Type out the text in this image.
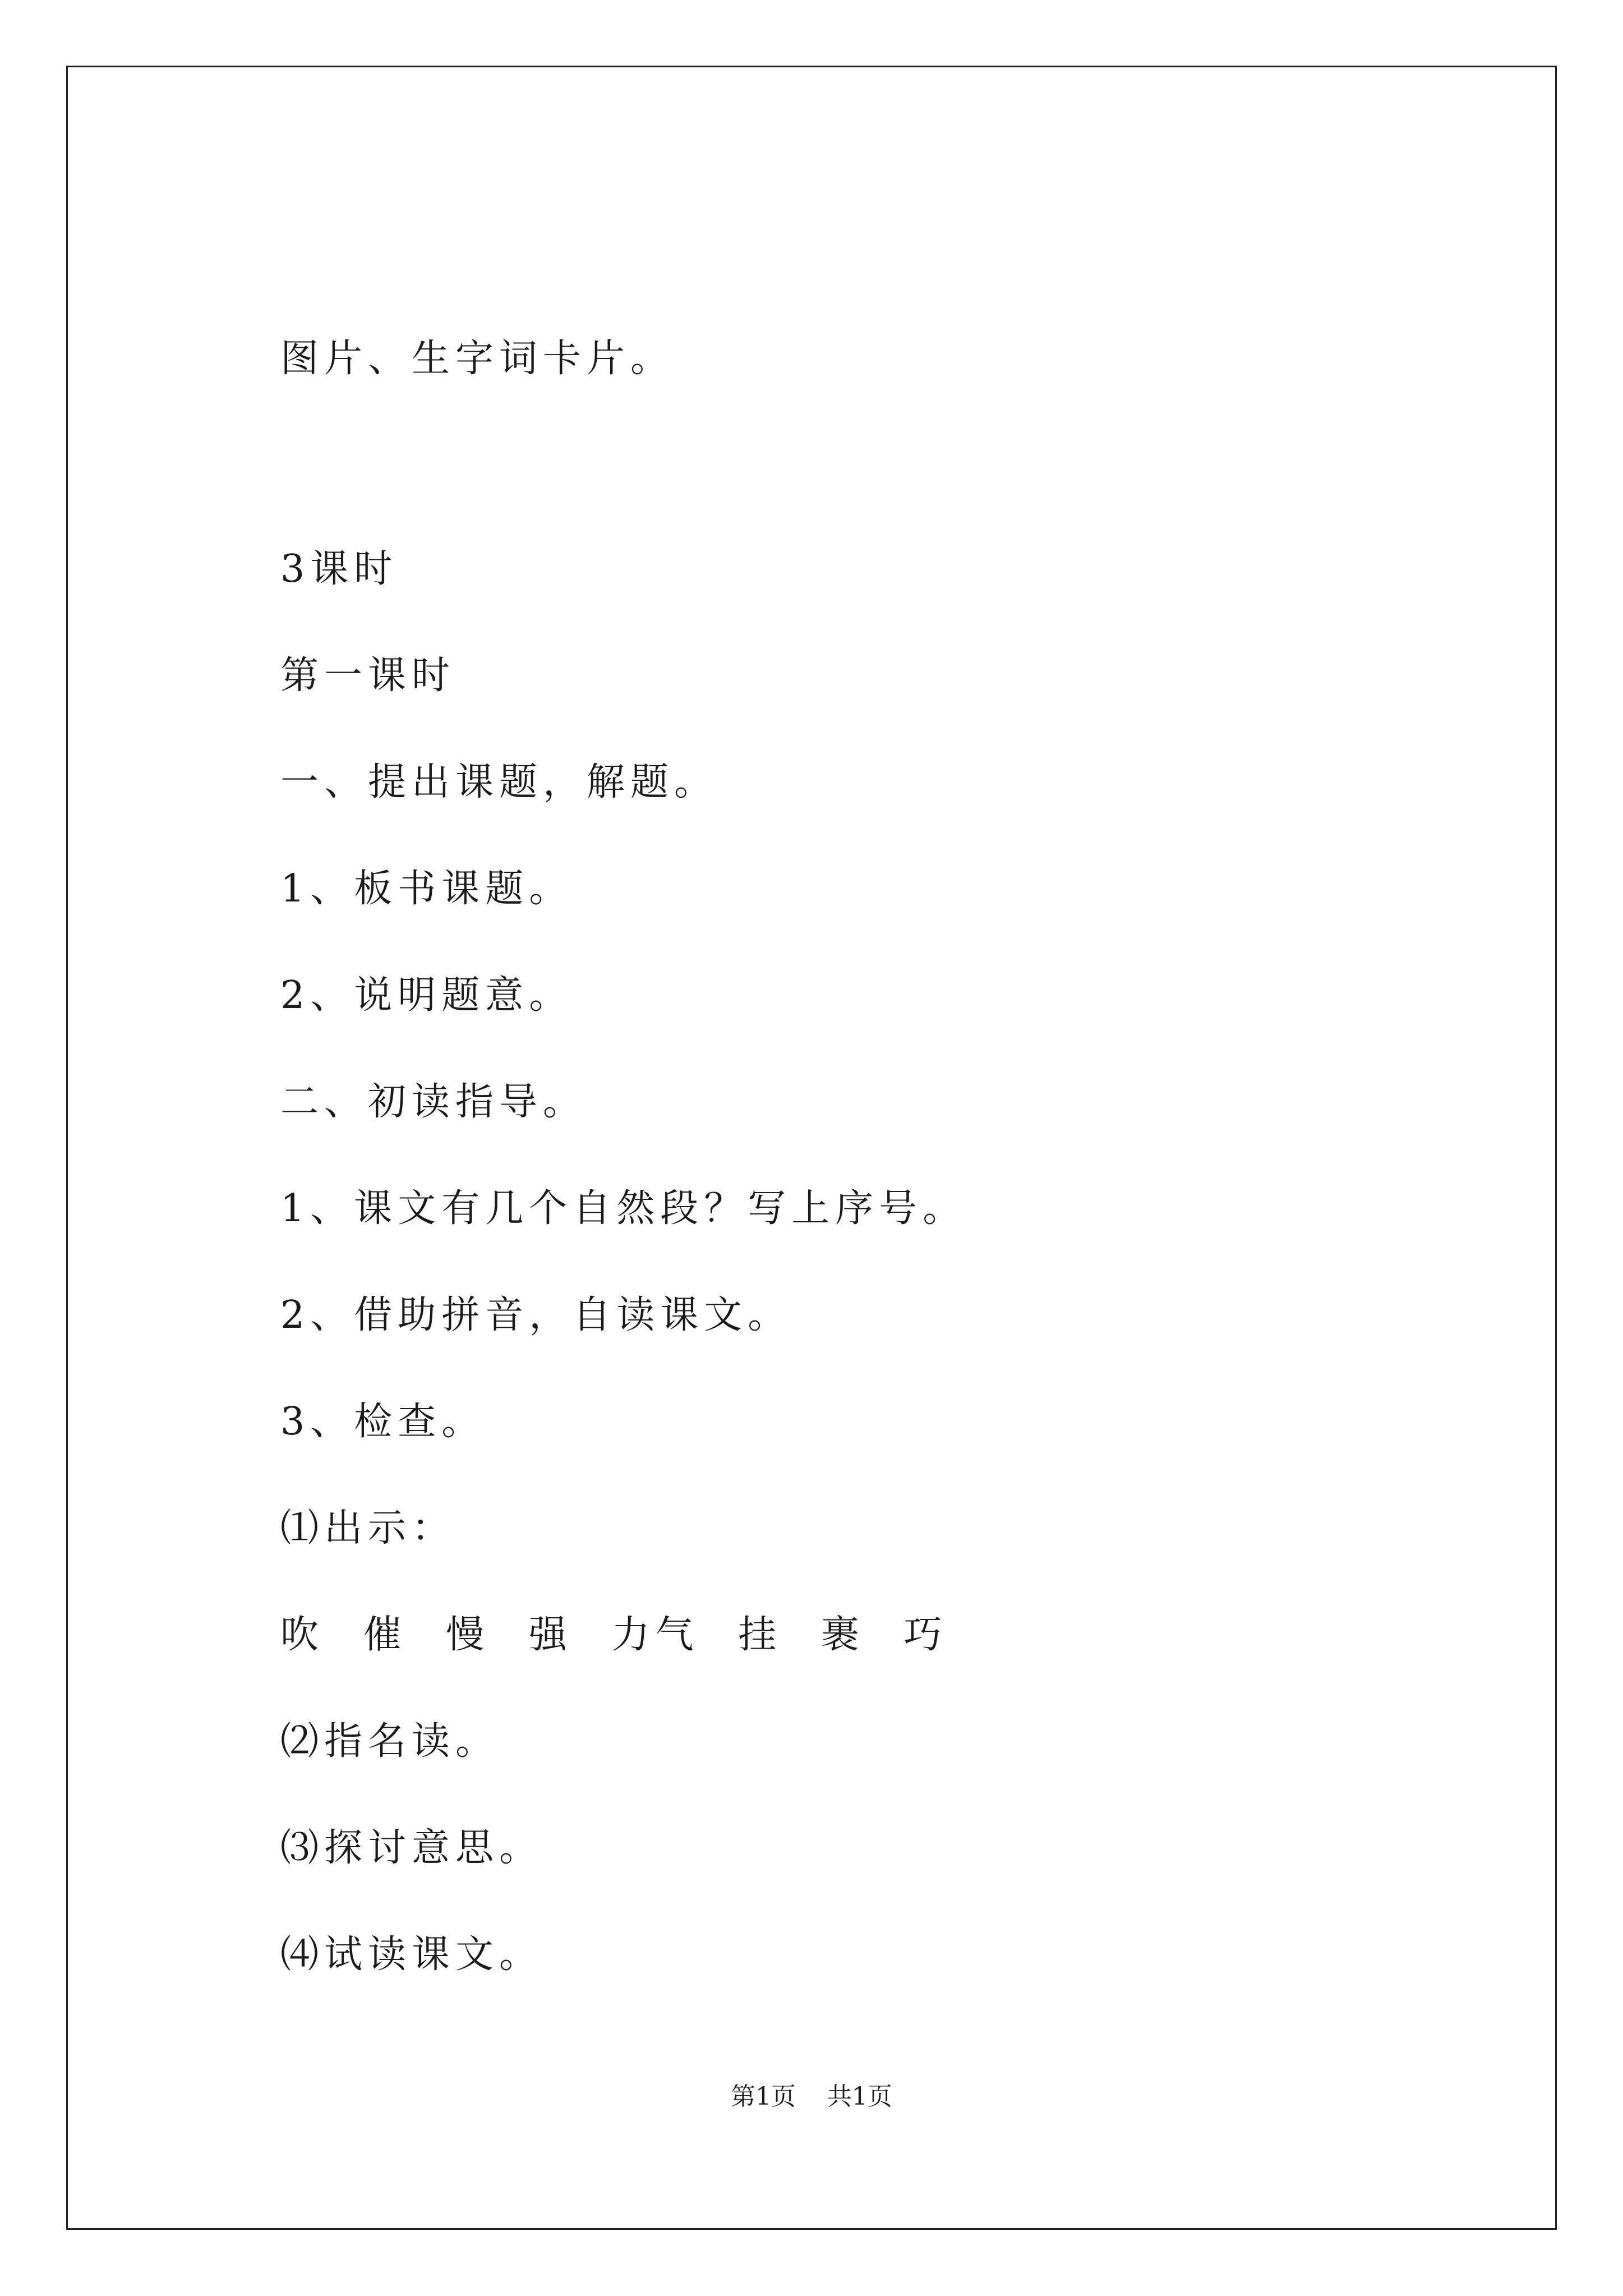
图片、生字词卡片。
3课时
第一课时
一、提出课题，解题。
1、板书课题。
2、说明题意。
二、初读指导。
1、课文有几个自然段？写上序号。
2、借助拼音，自读课文。
3、检查。
⑴出示：
吹 催 慢 强 力气 挂 裹 巧
⑵指名读。
⑶探讨意思。
⑷试读课文。
第1页 共1页
